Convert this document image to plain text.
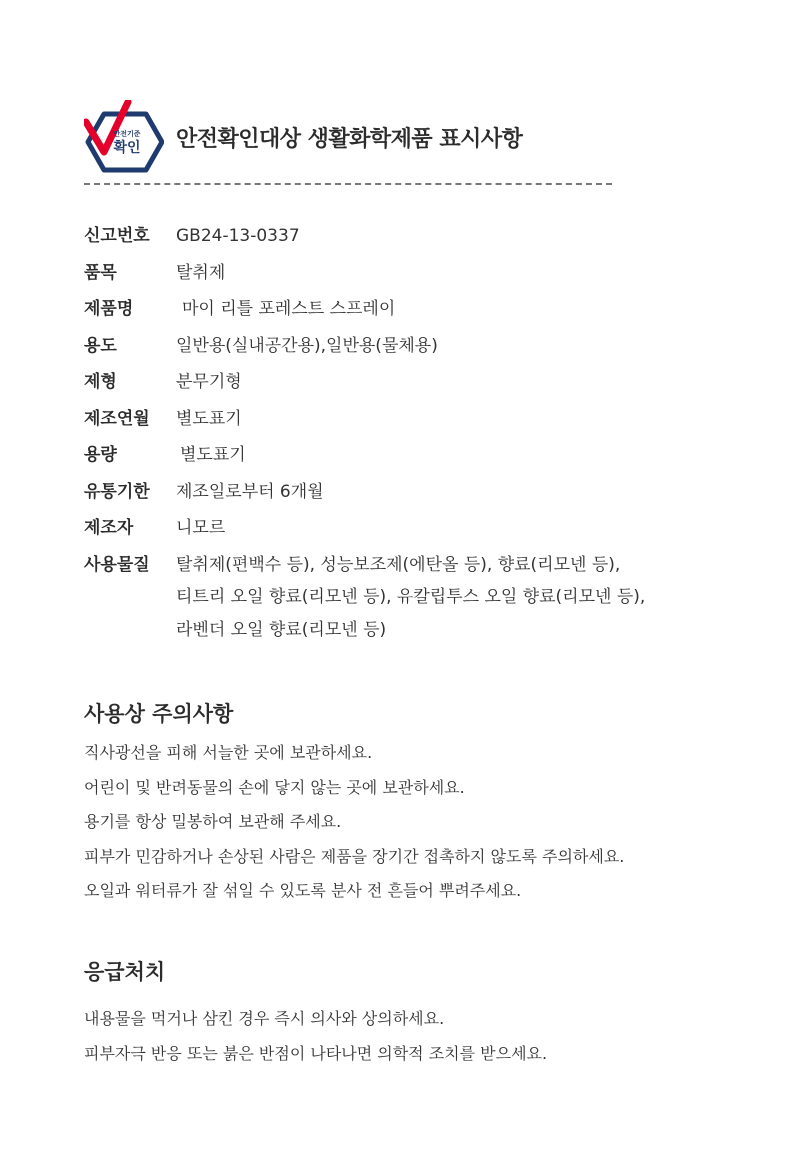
안전기준
확인 안전확인대상 생활화학제품 표시사항
신고번호	GB24-13-0337
품목	탈취제
제품명	마이 리틀 포레스트 스프레이
용도	일반용(실내공간용),일반용(물체용)
제형	분무기형
제조연월	별도표기
용량	별도표기
유통기한	제조일로부터 6개월
제조자	니모르
사용물질	탈취제(편백수 등), 성능보조제(에탄올 등), 향료(리모넨 등),
티트리 오일 향료(리모넨 등), 유칼립투스 오일 향료(리모넨 등),
라벤더 오일 향료(리모넨 등)
사용상 주의사항
직사광선을 피해 서늘한 곳에 보관하세요.
어린이 및 반려동물의 손에 닿지 않는 곳에 보관하세요.
용기를 항상 밀봉하여 보관해 주세요.
피부가 민감하거나 손상된 사람은 제품을 장기간 접촉하지 않도록 주의하세요.
오일과 워터류가 잘 섞일 수 있도록 분사 전 흔들어 뿌려주세요.
응급처치
내용물을 먹거나 삼킨 경우 즉시 의사와 상의하세요.
피부자극 반응 또는 붉은 반점이 나타나면 의학적 조치를 받으세요.
